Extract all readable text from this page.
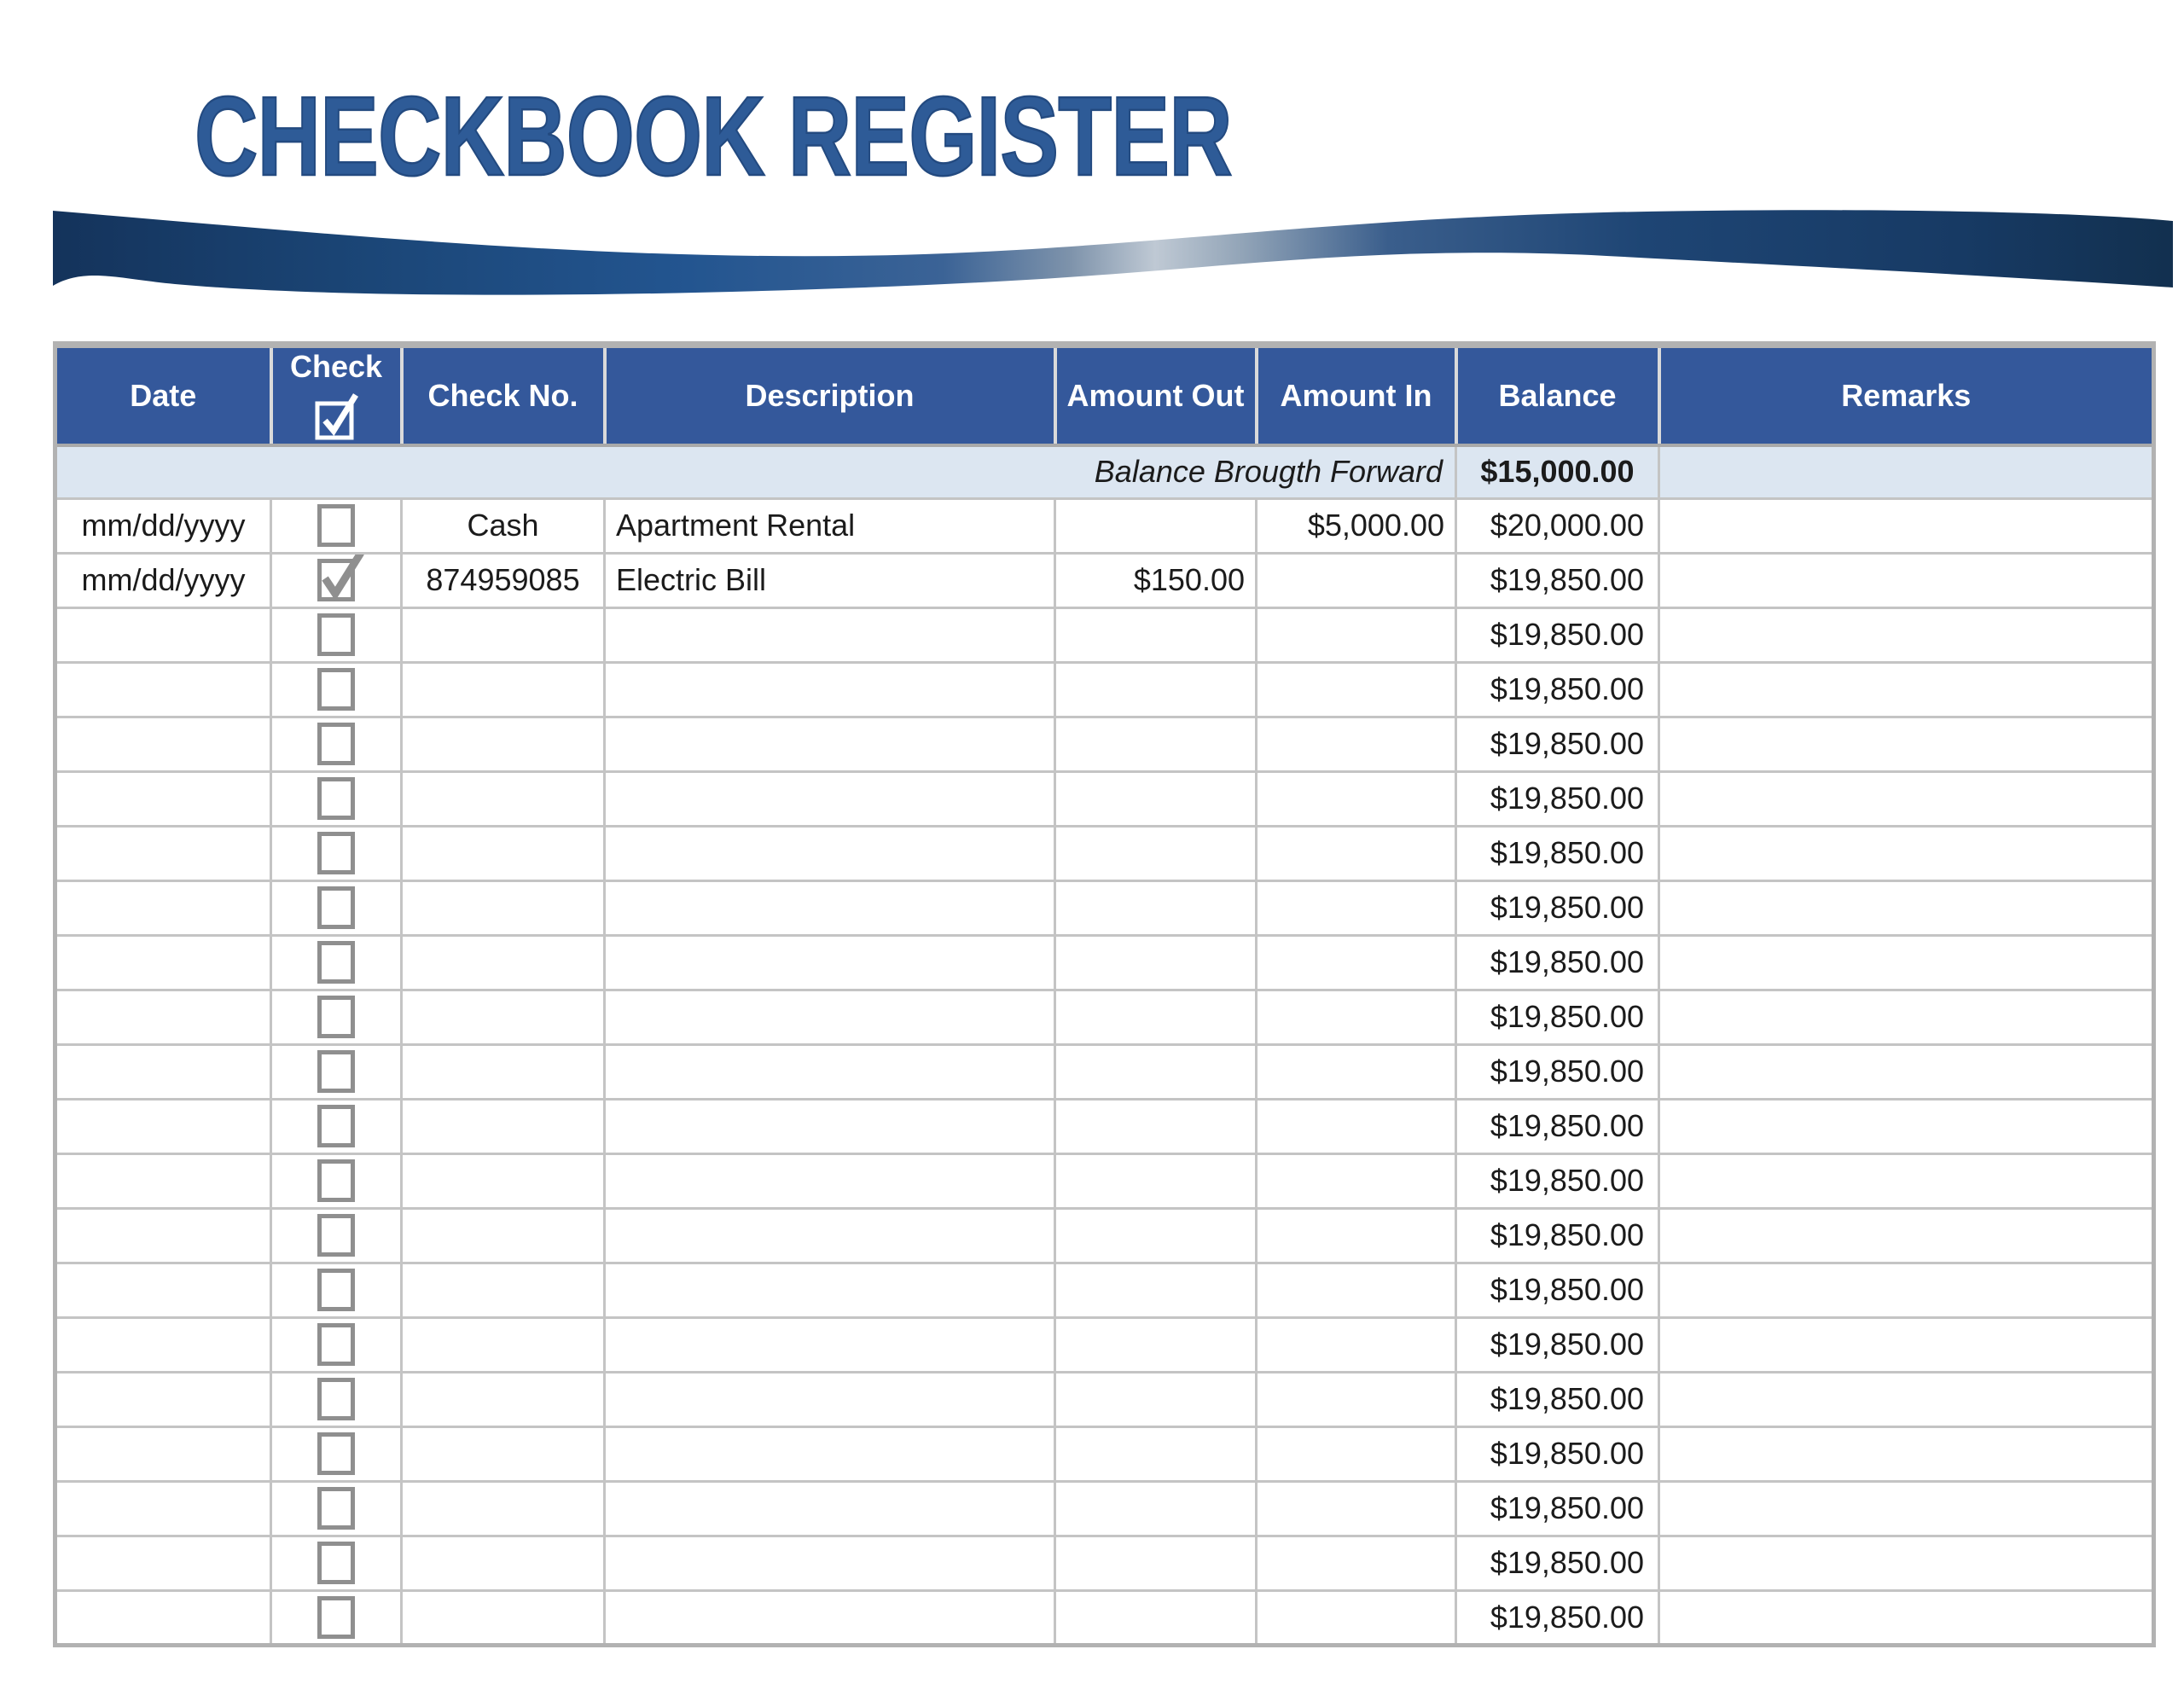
CHECKBOOK REGISTER
Date	Check	Check No.	Description	Amount Out	Amount In	Balance	Remarks
Balance Brougth Forward						$15,000.00	
mm/dd/yyyy		Cash	Apartment Rental		$5,000.00	$20,000.00	
mm/dd/yyyy		874959085	Electric Bill	$150.00		$19,850.00	
						$19,850.00	
						$19,850.00	
						$19,850.00	
						$19,850.00	
						$19,850.00	
						$19,850.00	
						$19,850.00	
						$19,850.00	
						$19,850.00	
						$19,850.00	
						$19,850.00	
						$19,850.00	
						$19,850.00	
						$19,850.00	
						$19,850.00	
						$19,850.00	
						$19,850.00	
						$19,850.00	
						$19,850.00	
